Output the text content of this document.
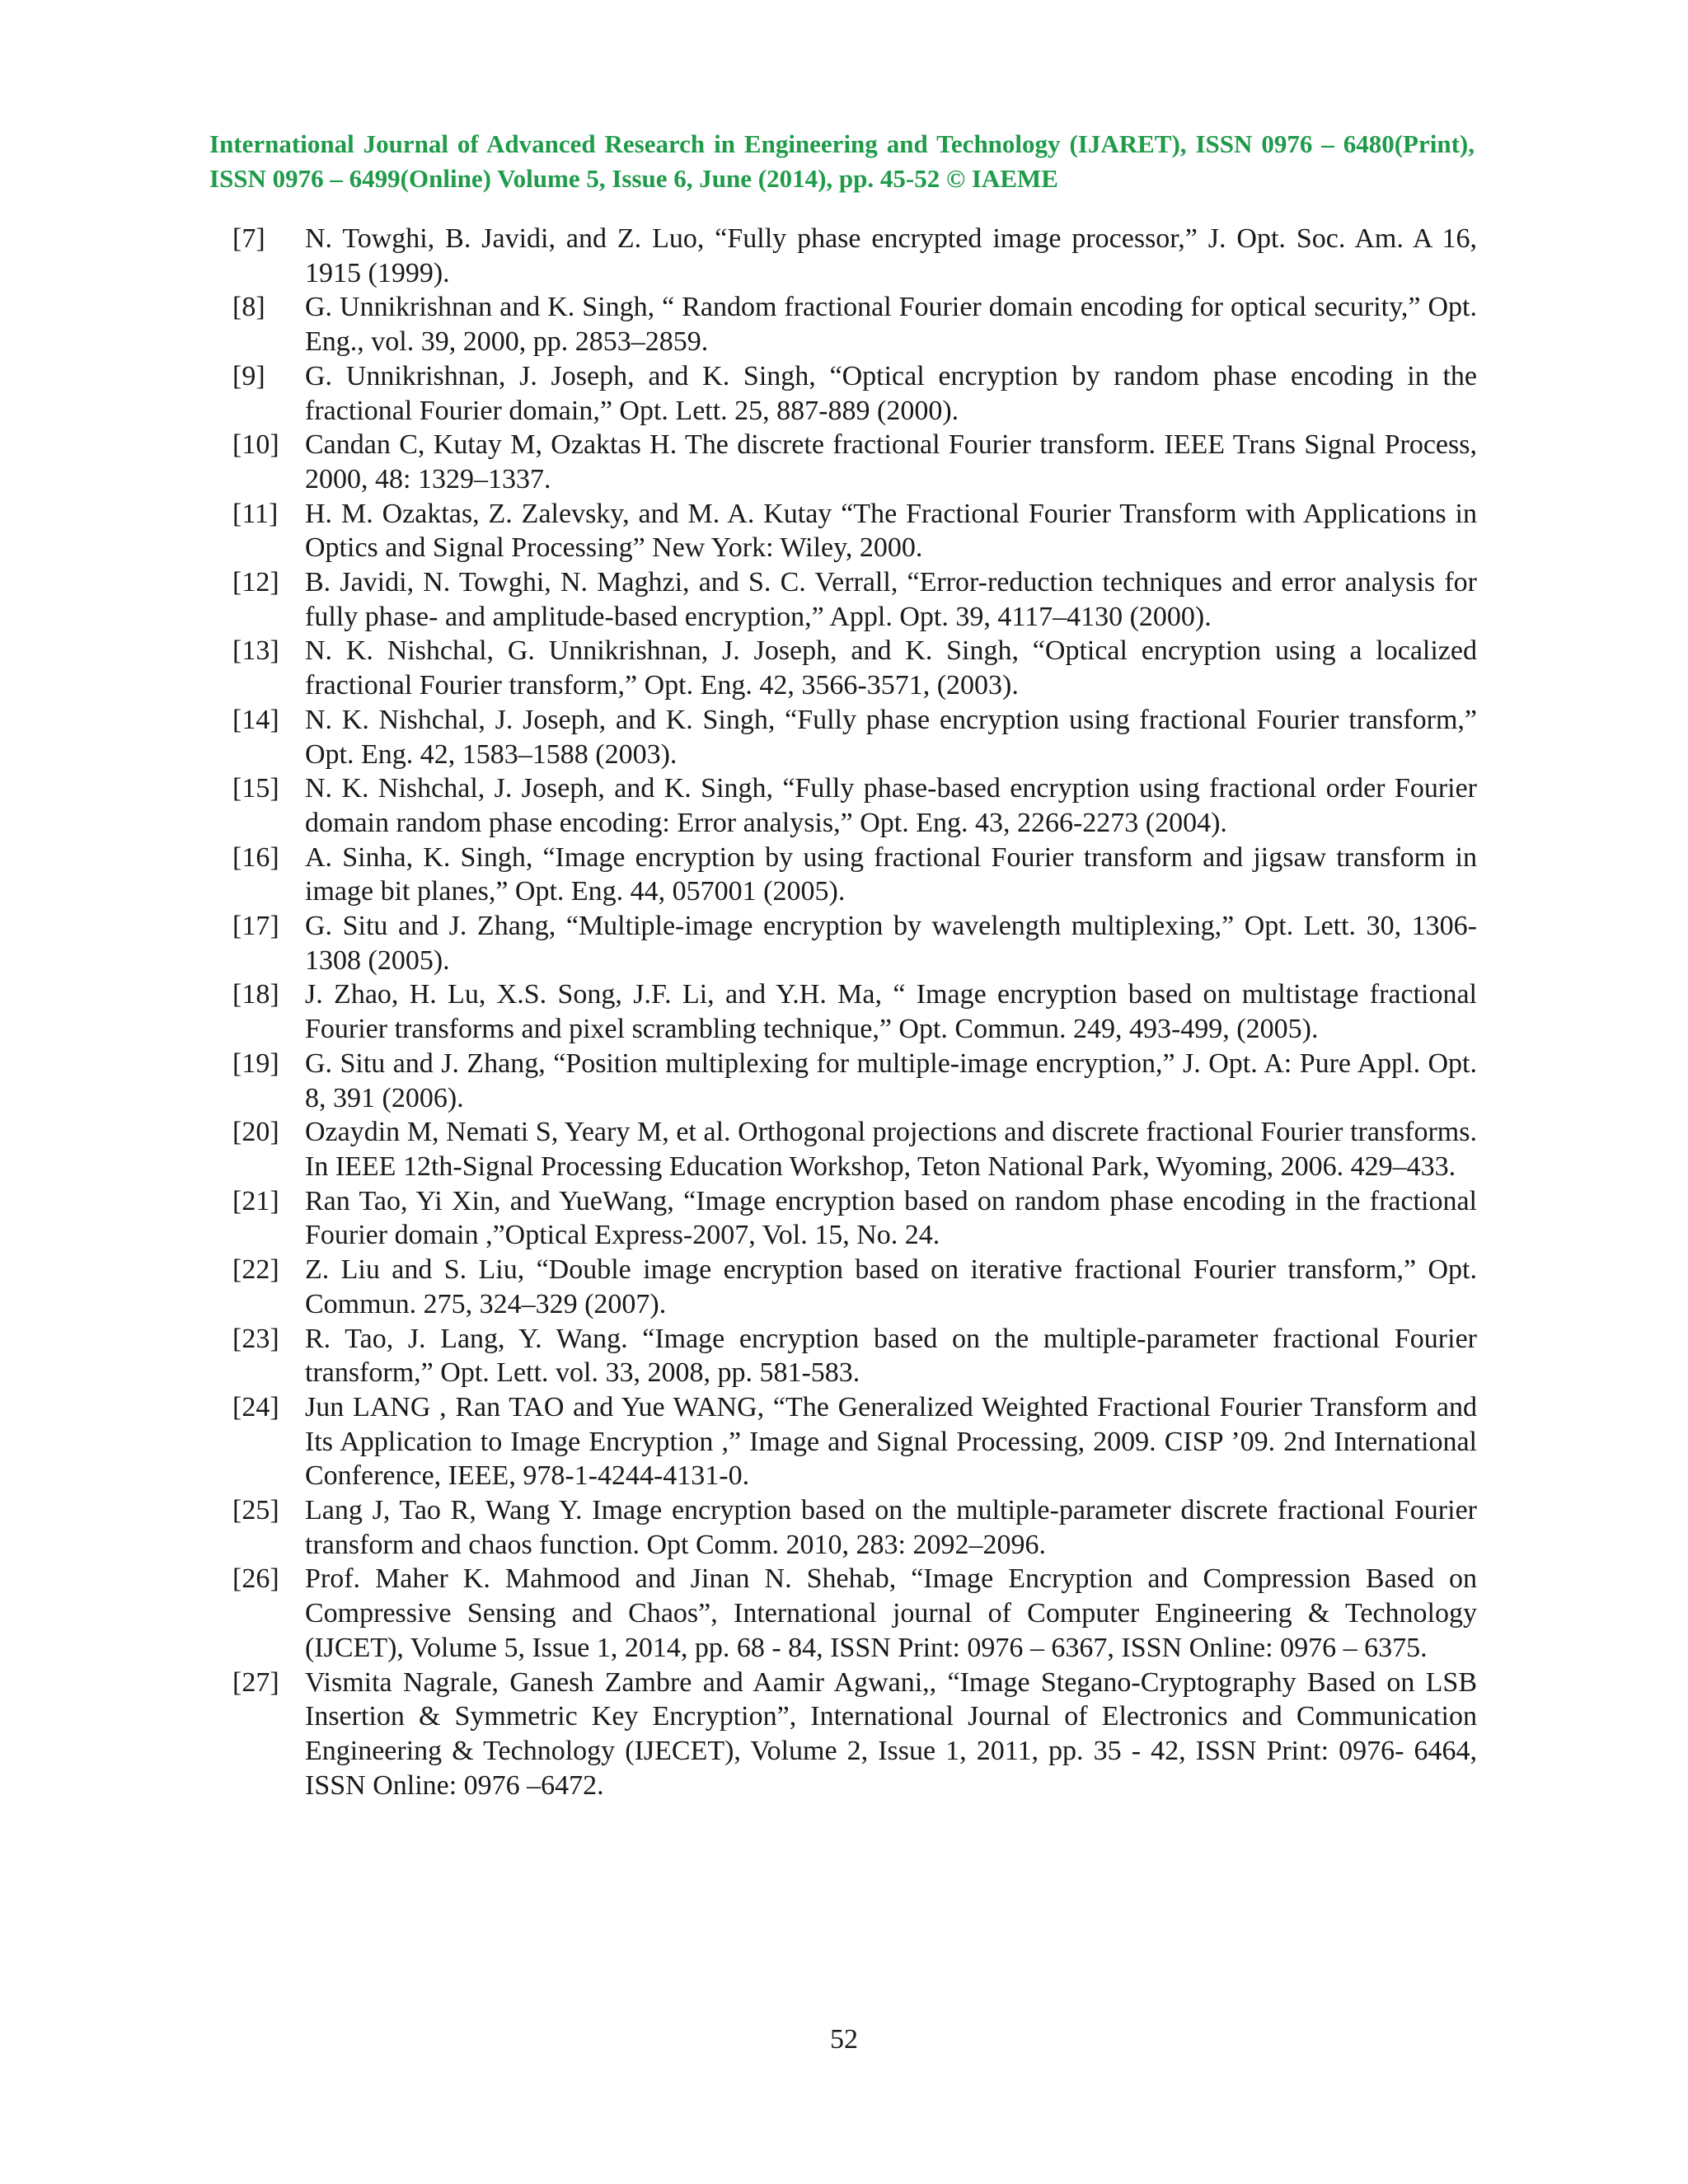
International Journal of Advanced Research in Engineering and Technology (IJARET), ISSN 0976 – 6480(Print), ISSN 0976 – 6499(Online) Volume 5, Issue 6, June (2014), pp. 45-52 © IAEME
[7]	N. Towghi, B. Javidi, and Z. Luo, “Fully phase encrypted image processor,” J. Opt. Soc. Am. A 16, 1915 (1999).
[8]	G. Unnikrishnan and K. Singh, “ Random fractional Fourier domain encoding for optical security,” Opt. Eng., vol. 39, 2000, pp. 2853–2859.
[9]	G. Unnikrishnan, J. Joseph, and K. Singh, “Optical encryption by random phase encoding in the fractional Fourier domain,” Opt. Lett. 25, 887-889 (2000).
[10] Candan C, Kutay M, Ozaktas H. The discrete fractional Fourier transform. IEEE Trans Signal Process, 2000, 48: 1329–1337.
[11] H. M. Ozaktas, Z. Zalevsky, and M. A. Kutay “The Fractional Fourier Transform with Applications in Optics and Signal Processing” New York: Wiley, 2000.
[12] B. Javidi, N. Towghi, N. Maghzi, and S. C. Verrall, “Error-reduction techniques and error analysis for fully phase- and amplitude-based encryption,” Appl. Opt. 39, 4117–4130 (2000).
[13] N. K. Nishchal, G. Unnikrishnan, J. Joseph, and K. Singh, “Optical encryption using a localized fractional Fourier transform,” Opt. Eng. 42, 3566-3571, (2003).
[14] N. K. Nishchal, J. Joseph, and K. Singh, “Fully phase encryption using fractional Fourier transform,” Opt. Eng. 42, 1583–1588 (2003).
[15] N. K. Nishchal, J. Joseph, and K. Singh, “Fully phase-based encryption using fractional order Fourier domain random phase encoding: Error analysis,” Opt. Eng. 43, 2266-2273 (2004).
[16] A. Sinha, K. Singh, “Image encryption by using fractional Fourier transform and jigsaw transform in image bit planes,” Opt. Eng. 44, 057001 (2005).
[17] G. Situ and J. Zhang, “Multiple-image encryption by wavelength multiplexing,” Opt. Lett. 30, 1306-1308 (2005).
[18] J. Zhao, H. Lu, X.S. Song, J.F. Li, and Y.H. Ma, “ Image encryption based on multistage fractional Fourier transforms and pixel scrambling technique,” Opt. Commun. 249, 493-499, (2005).
[19] G. Situ and J. Zhang, “Position multiplexing for multiple-image encryption,” J. Opt. A: Pure Appl. Opt. 8, 391 (2006).
[20] Ozaydin M, Nemati S, Yeary M, et al. Orthogonal projections and discrete fractional Fourier transforms. In IEEE 12th-Signal Processing Education Workshop, Teton National Park, Wyoming, 2006. 429–433.
[21] Ran Tao, Yi Xin, and YueWang, “Image encryption based on random phase encoding in the fractional Fourier domain ,”Optical Express-2007, Vol. 15, No. 24.
[22] Z. Liu and S. Liu, “Double image encryption based on iterative fractional Fourier transform,” Opt. Commun. 275, 324–329 (2007).
[23] R. Tao, J. Lang, Y. Wang. “Image encryption based on the multiple-parameter fractional Fourier transform,” Opt. Lett. vol. 33, 2008, pp. 581-583.
[24] Jun LANG , Ran TAO and Yue WANG, “The Generalized Weighted Fractional Fourier Transform and Its Application to Image Encryption ,” Image and Signal Processing, 2009. CISP ’09. 2nd International Conference, IEEE, 978-1-4244-4131-0.
[25] Lang J, Tao R, Wang Y. Image encryption based on the multiple-parameter discrete fractional Fourier transform and chaos function. Opt Comm. 2010, 283: 2092–2096.
[26] Prof. Maher K. Mahmood and Jinan N. Shehab, “Image Encryption and Compression Based on Compressive Sensing and Chaos”, International journal of Computer Engineering & Technology (IJCET), Volume 5, Issue 1, 2014, pp. 68 - 84, ISSN Print: 0976 – 6367, ISSN Online: 0976 – 6375.
[27] Vismita Nagrale, Ganesh Zambre and Aamir Agwani,, “Image Stegano-Cryptography Based on LSB Insertion & Symmetric Key Encryption”, International Journal of Electronics and Communication Engineering & Technology (IJECET), Volume 2, Issue 1, 2011, pp. 35 - 42, ISSN Print: 0976- 6464, ISSN Online: 0976 –6472.
52
